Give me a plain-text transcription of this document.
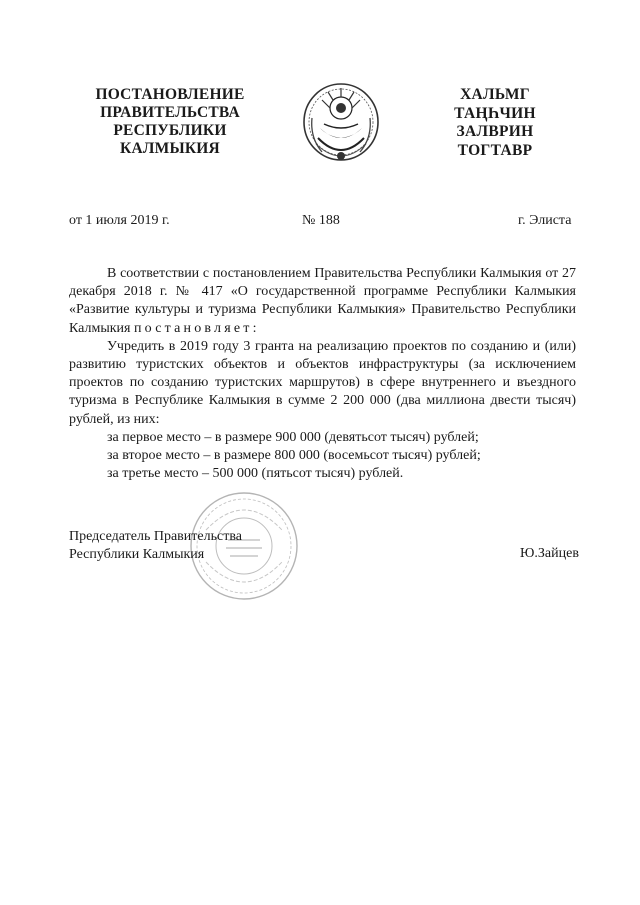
ПОСТАНОВЛЕНИЕ
ПРАВИТЕЛЬСТВА
РЕСПУБЛИКИ
КАЛМЫКИЯ
ХАЛЬМГ
ТАҢҺЧИН
ЗАЛВРИН
ТОГТАВР
от 1 июля 2019 г.	№ 188	г. Элиста

В соответствии с постановлением Правительства Республики Калмыкия от 27 декабря 2018 г. № 417 «О государственной программе Республики Калмыкия «Развитие культуры и туризма Республики Калмыкия» Правительство Республики Калмыкия постановляет:

Учредить в 2019 году 3 гранта на реализацию проектов по созданию и (или) развитию туристских объектов и объектов инфраструктуры (за исключением проектов по созданию туристских маршрутов) в сфере внутреннего и въездного туризма в Республике Калмыкия в сумме 2 200 000 (два миллиона двести тысяч) рублей, из них:

за первое место – в размере 900 000 (девятьсот тысяч) рублей;

за второе место – в размере 800 000 (восемьсот тысяч) рублей;

за третье место – 500 000 (пятьсот тысяч) рублей.

Председатель Правительства
Республики Калмыкия	Ю.Зайцев
